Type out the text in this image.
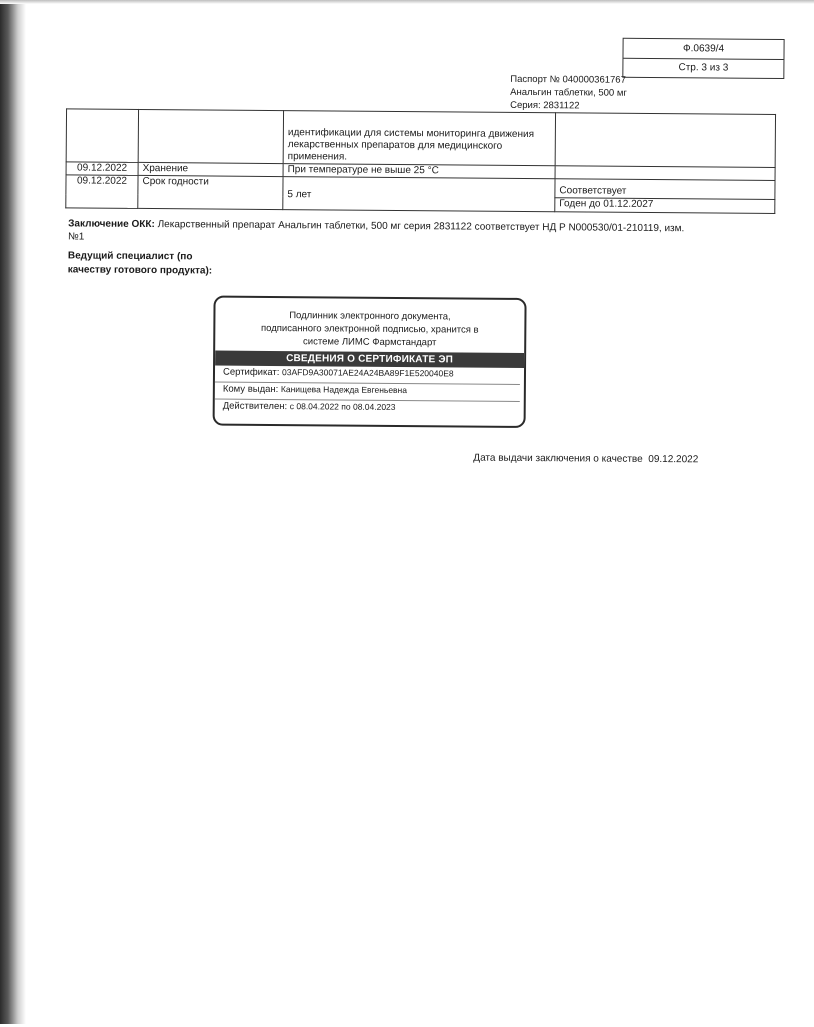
Ф.0639/4
Стр. 3 из 3
Паспорт № 040000361767
Анальгин таблетки, 500 мг
Серия: 2831122
		идентификации для системы мониторинга движения лекарственных препаратов для медицинского применения.	
09.12.2022	Хранение	При температуре не выше 25 °С	
09.12.2022	Срок годности	5 лет	Соответствует
			Годен до 01.12.2027
Заключение ОКК: Лекарственный препарат Анальгин таблетки, 500 мг серия 2831122 соответствует НД Р N000530/01-210119, изм.№1
Ведущий специалист (по качеству готового продукта):
Подлинник электронного документа,
подписанного электронной подписью, хранится в
системе ЛИМС Фармстандарт
СВЕДЕНИЯ О СЕРТИФИКАТЕ ЭП
Сертификат: 03AFD9A30071AE24A24BA89F1E520040E8
Кому выдан: Канищева Надежда Евгеньевна
Действителен: с 08.04.2022 по 08.04.2023
Дата выдачи заключения о качестве 09.12.2022
